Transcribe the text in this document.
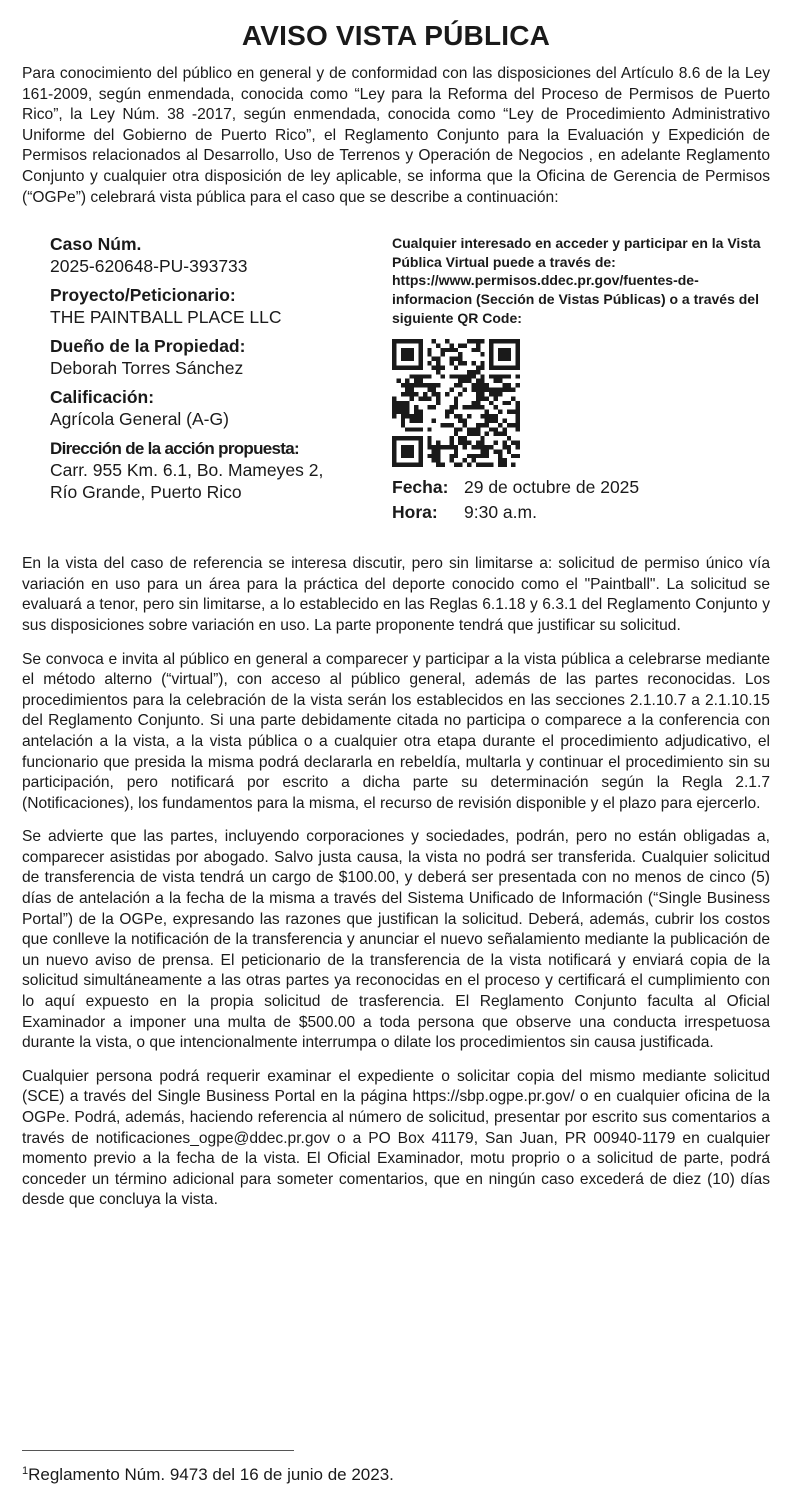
AVISO VISTA PÚBLICA

Para conocimiento del público en general y de conformidad con las disposiciones del Artículo 8.6 de la Ley 161-2009, según enmendada, conocida como “Ley para la Reforma del Proceso de Permisos de Puerto Rico”, la Ley Núm. 38 -2017, según enmendada, conocida como “Ley de Procedimiento Administrativo Uniforme del Gobierno de Puerto Rico”, el Reglamento Conjunto para la Evaluación y Expedición de Permisos relacionados al Desarrollo, Uso de Terrenos y Operación de Negocios , en adelante Reglamento Conjunto y cualquier otra disposición de ley aplicable, se informa que la Oficina de Gerencia de Permisos (“OGPe”) celebrará vista pública para el caso que se describe a continuación:

Caso Núm.
2025-620648-PU-393733
Proyecto/Peticionario:
THE PAINTBALL PLACE LLC
Dueño de la Propiedad:
Deborah Torres Sánchez
Calificación:
Agrícola General (A-G)
Dirección de la acción propuesta:
Carr. 955 Km. 6.1, Bo. Mameyes 2,
Río Grande, Puerto Rico

Cualquier interesado en acceder y participar en la Vista Pública Virtual puede a través de: https://www.permisos.ddec.pr.gov/fuentes-de-informacion (Sección de Vistas Públicas) o a través del siguiente QR Code:

Fecha: 29 de octubre de 2025
Hora: 9:30 a.m.

En la vista del caso de referencia se interesa discutir, pero sin limitarse a: solicitud de permiso único vía variación en uso para un área para la práctica del deporte conocido como el "Paintball". La solicitud se evaluará a tenor, pero sin limitarse, a lo establecido en las Reglas 6.1.18 y 6.3.1 del Reglamento Conjunto y sus disposiciones sobre variación en uso. La parte proponente tendrá que justificar su solicitud.

Se convoca e invita al público en general a comparecer y participar a la vista pública a celebrarse mediante el método alterno (“virtual”), con acceso al público general, además de las partes reconocidas. Los procedimientos para la celebración de la vista serán los establecidos en las secciones 2.1.10.7 a 2.1.10.15 del Reglamento Conjunto. Si una parte debidamente citada no participa o comparece a la conferencia con antelación a la vista, a la vista pública o a cualquier otra etapa durante el procedimiento adjudicativo, el funcionario que presida la misma podrá declararla en rebeldía, multarla y continuar el procedimiento sin su participación, pero notificará por escrito a dicha parte su determinación según la Regla 2.1.7 (Notificaciones), los fundamentos para la misma, el recurso de revisión disponible y el plazo para ejercerlo.

Se advierte que las partes, incluyendo corporaciones y sociedades, podrán, pero no están obligadas a, comparecer asistidas por abogado. Salvo justa causa, la vista no podrá ser transferida. Cualquier solicitud de transferencia de vista tendrá un cargo de $100.00, y deberá ser presentada con no menos de cinco (5) días de antelación a la fecha de la misma a través del Sistema Unificado de Información (“Single Business Portal”) de la OGPe, expresando las razones que justifican la solicitud. Deberá, además, cubrir los costos que conlleve la notificación de la transferencia y anunciar el nuevo señalamiento mediante la publicación de un nuevo aviso de prensa. El peticionario de la transferencia de la vista notificará y enviará copia de la solicitud simultáneamente a las otras partes ya reconocidas en el proceso y certificará el cumplimiento con lo aquí expuesto en la propia solicitud de trasferencia. El Reglamento Conjunto faculta al Oficial Examinador a imponer una multa de $500.00 a toda persona que observe una conducta irrespetuosa durante la vista, o que intencionalmente interrumpa o dilate los procedimientos sin causa justificada.

Cualquier persona podrá requerir examinar el expediente o solicitar copia del mismo mediante solicitud (SCE) a través del Single Business Portal en la página https://sbp.ogpe.pr.gov/ o en cualquier oficina de la OGPe. Podrá, además, haciendo referencia al número de solicitud, presentar por escrito sus comentarios a través de notificaciones_ogpe@ddec.pr.gov o a PO Box 41179, San Juan, PR 00940-1179 en cualquier momento previo a la fecha de la vista. El Oficial Examinador, motu proprio o a solicitud de parte, podrá conceder un término adicional para someter comentarios, que en ningún caso excederá de diez (10) días desde que concluya la vista.

$^1$Reglamento Núm. 9473 del 16 de junio de 2023.
